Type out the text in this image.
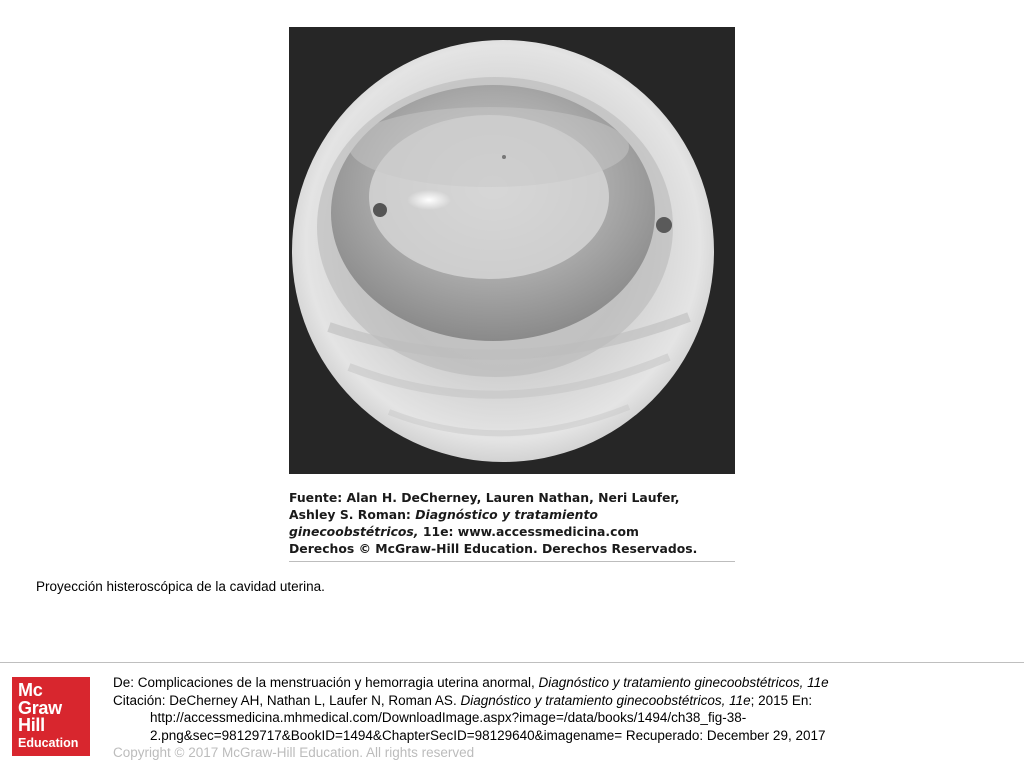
Fuente: Alan H. DeCherney, Lauren Nathan, Neri Laufer,
Ashley S. Roman: Diagnóstico y tratamiento
ginecoobstétricos, 11e: www.accessmedicina.com
Derechos © McGraw-Hill Education. Derechos Reservados.
Proyección histeroscópica de la cavidad uterina.
Mc
Graw
Hill
Education
De: Complicaciones de la menstruación y hemorragia uterina anormal, Diagnóstico y tratamiento ginecoobstétricos, 11e
Citación: DeCherney AH, Nathan L, Laufer N, Roman AS. Diagnóstico y tratamiento ginecoobstétricos, 11e; 2015 En:
http://accessmedicina.mhmedical.com/DownloadImage.aspx?image=/data/books/1494/ch38_fig-38-
2.png&sec=98129717&BookID=1494&ChapterSecID=98129640&imagename= Recuperado: December 29, 2017
Copyright © 2017 McGraw-Hill Education. All rights reserved
